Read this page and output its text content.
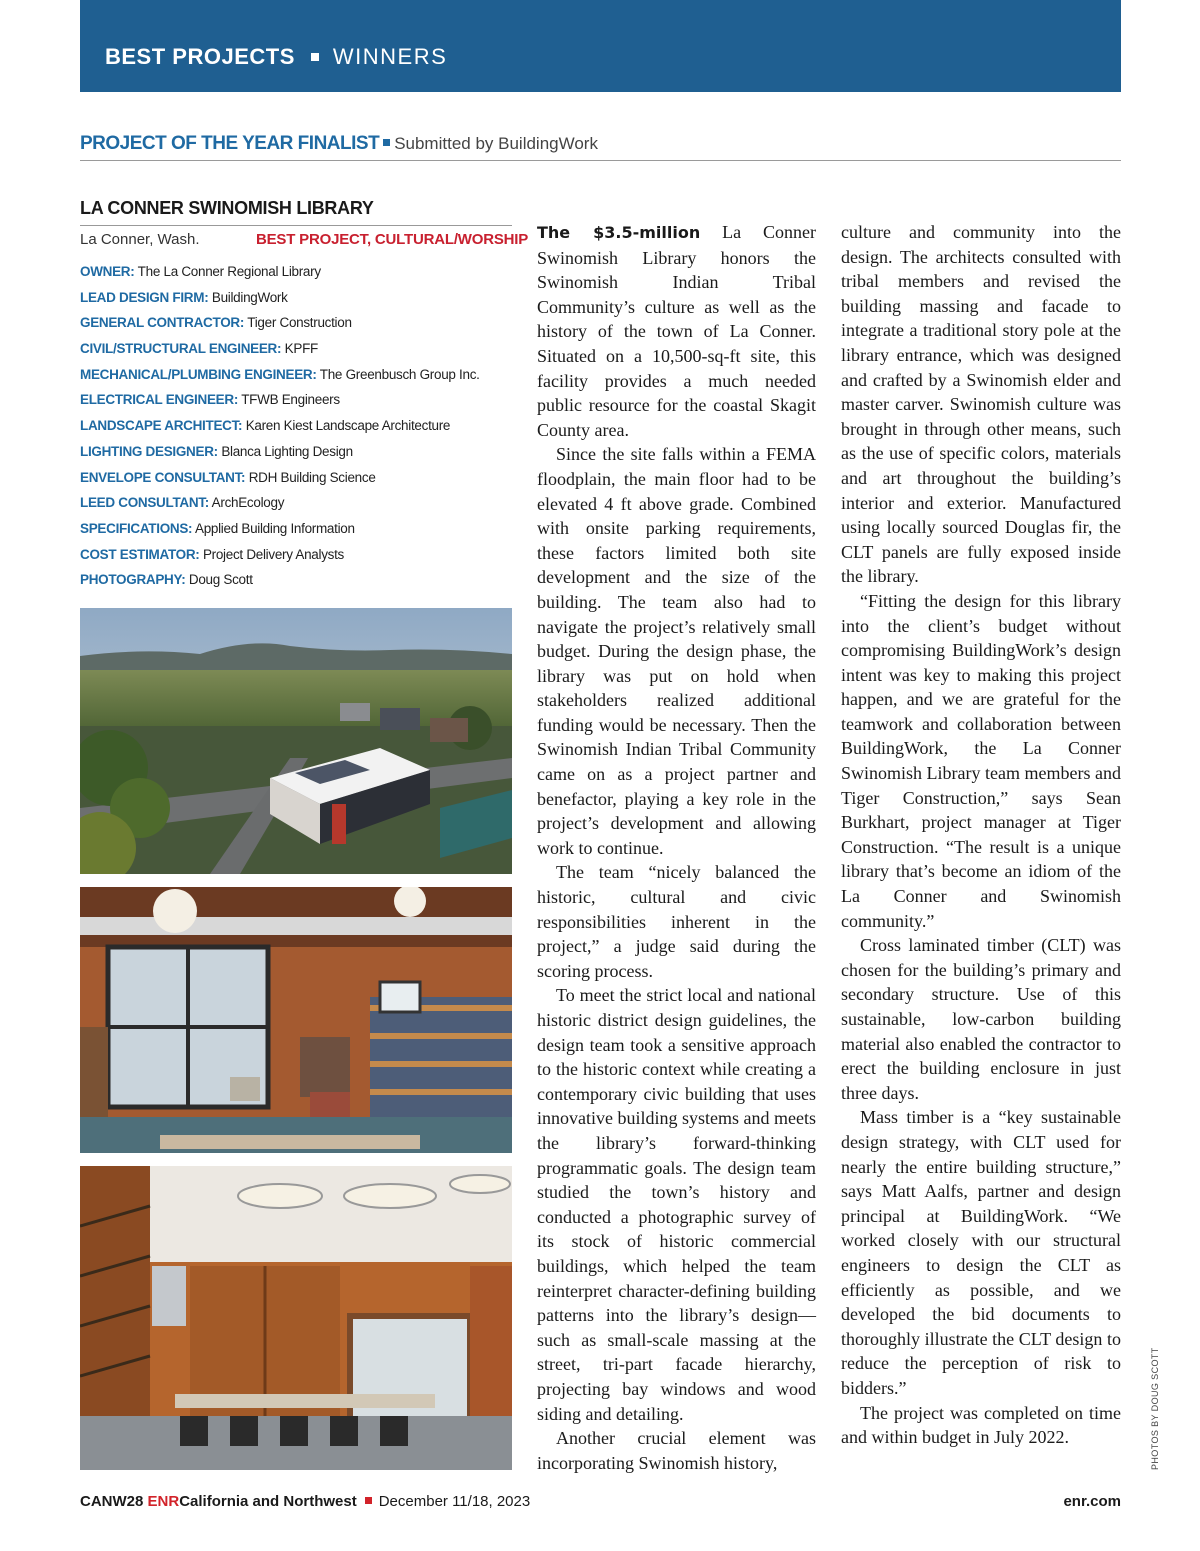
BEST PROJECTS WINNERS
PROJECT OF THE YEAR FINALIST Submitted by BuildingWork
LA CONNER SWINOMISH LIBRARY
La Conner, Wash.	BEST PROJECT, CULTURAL/WORSHIP
OWNER: The La Conner Regional Library
LEAD DESIGN FIRM: BuildingWork
GENERAL CONTRACTOR: Tiger Construction
CIVIL/STRUCTURAL ENGINEER: KPFF
MECHANICAL/PLUMBING ENGINEER: The Greenbusch Group Inc.
ELECTRICAL ENGINEER: TFWB Engineers
LANDSCAPE ARCHITECT: Karen Kiest Landscape Architecture
LIGHTING DESIGNER: Blanca Lighting Design
ENVELOPE CONSULTANT: RDH Building Science
LEED CONSULTANT: ArchEcology
SPECIFICATIONS: Applied Building Information
COST ESTIMATOR: Project Delivery Analysts
PHOTOGRAPHY: Doug Scott

The $3.5-million La Conner Swinomish Library honors the Swinomish Indian Tribal Community’s culture as well as the history of the town of La Conner. Situated on a 10,500-sq-ft site, this facility provides a much needed public resource for the coastal Skagit County area.

Since the site falls within a FEMA floodplain, the main floor had to be elevated 4 ft above grade. Combined with onsite parking requirements, these factors limited both site development and the size of the building. The team also had to navigate the project’s relatively small budget. During the design phase, the library was put on hold when stakeholders realized additional funding would be necessary. Then the Swinomish Indian Tribal Community came on as a project partner and benefactor, playing a key role in the project’s development and allowing work to continue.

The team “nicely balanced the historic, cultural and civic responsibilities inherent in the project,” a judge said during the scoring process.

To meet the strict local and national historic district design guidelines, the design team took a sensitive approach to the historic context while creating a contemporary civic building that uses innovative building systems and meets the library’s forward-thinking programmatic goals. The design team studied the town’s history and conducted a photographic survey of its stock of historic commercial buildings, which helped the team reinterpret character-defining building patterns into the library’s design—such as small-scale massing at the street, tri-part facade hierarchy, projecting bay windows and wood siding and detailing.

Another crucial element was incorporating Swinomish history,

culture and community into the design. The architects consulted with tribal members and revised the building massing and facade to integrate a traditional story pole at the library entrance, which was designed and crafted by a Swinomish elder and master carver. Swinomish culture was brought in through other means, such as the use of specific colors, materials and art throughout the building’s interior and exterior. Manufactured using locally sourced Douglas fir, the CLT panels are fully exposed inside the library.

“Fitting the design for this library into the client’s budget without compromising BuildingWork’s design intent was key to making this project happen, and we are grateful for the teamwork and collaboration between BuildingWork, the La Conner Swinomish Library team members and Tiger Construction,” says Sean Burkhart, project manager at Tiger Construction. “The result is a unique library that’s become an idiom of the La Conner and Swinomish community.”

Cross laminated timber (CLT) was chosen for the building’s primary and secondary structure. Use of this sustainable, low-carbon building material also enabled the contractor to erect the building enclosure in just three days.

Mass timber is a “key sustainable design strategy, with CLT used for nearly the entire building structure,” says Matt Aalfs, partner and design principal at BuildingWork. “We worked closely with our structural engineers to design the CLT as efficiently as possible, and we developed the bid documents to thoroughly illustrate the CLT design to reduce the perception of risk to bidders.”

The project was completed on time and within budget in July 2022.	PHOTOS BY DOUG SCOTT
CANW28 ENRCalifornia and Northwest December 11/18, 2023	enr.com
